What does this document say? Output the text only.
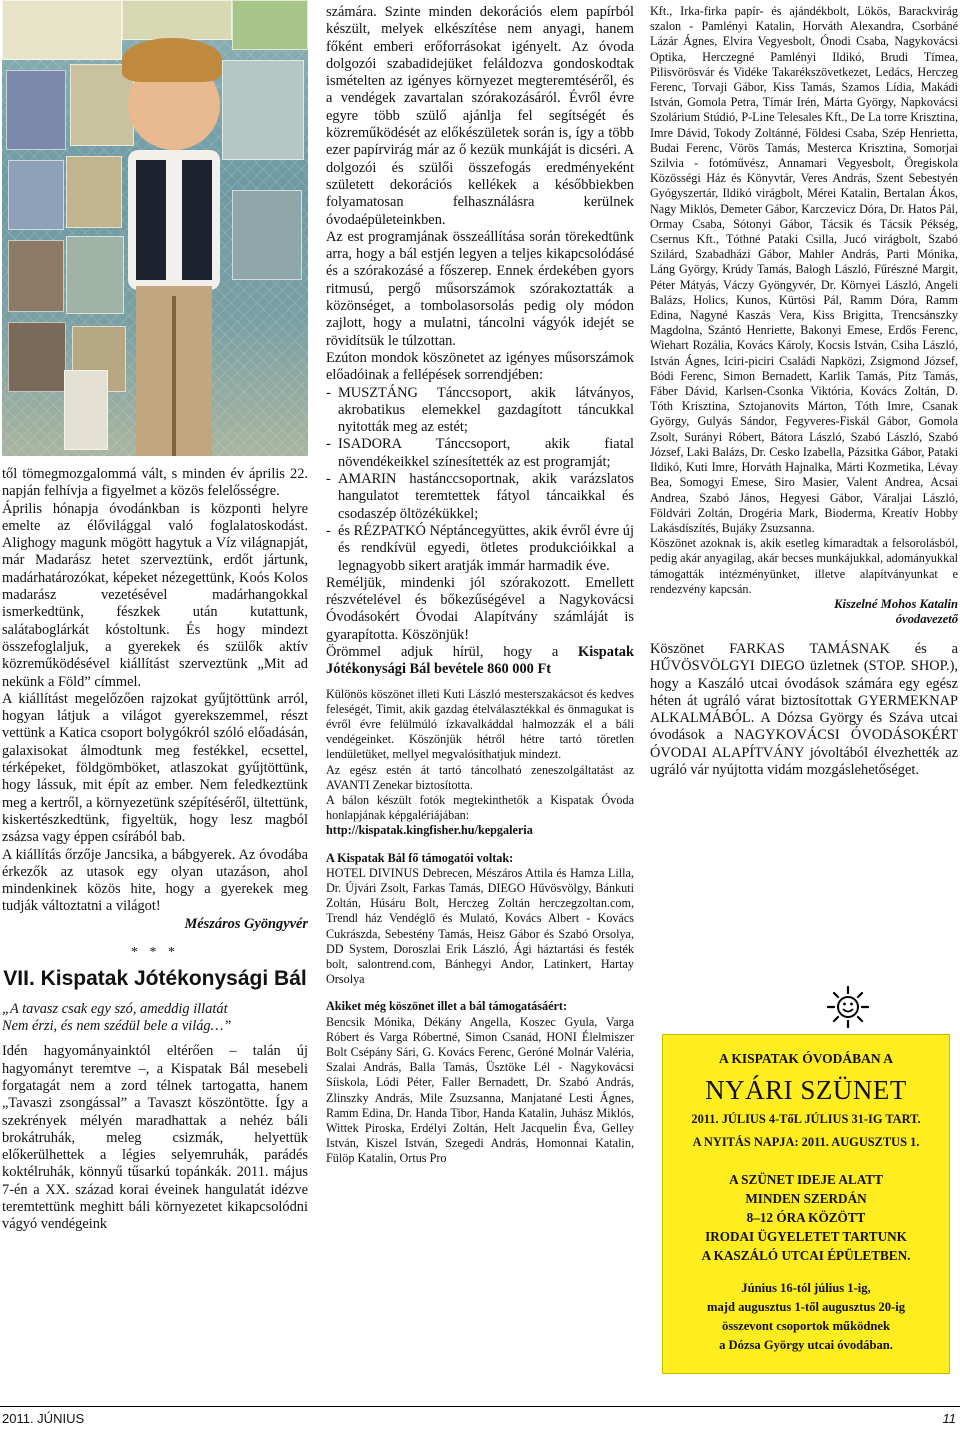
től tömegmozgalommá vált, s minden év április 22. napján felhívja a figyelmet a közös felelősségre.

Április hónapja óvodánkban is központi helyre emelte az élővilággal való foglalatoskodást. Alighogy magunk mögött hagytuk a Víz világnapját, már Madarász hetet szerveztünk, erdőt jártunk, madárhatározókat, képeket nézegettünk, Koós Kolos madarász vezetésével madárhangokkal ismerkedtünk, fészkek után kutattunk, salátaboglárkát kóstoltunk. És hogy mindezt összefoglaljuk, a gyerekek és szülők aktív közreműködésével kiállítást szerveztünk „Mit ad nekünk a Föld” címmel.

A kiállítást megelőzően rajzokat gyűjtöttünk arról, hogyan látjuk a világot gyerekszemmel, részt vettünk a Katica csoport bolygókról szóló előadásán, galaxisokat álmodtunk meg festékkel, ecsettel, térképeket, földgömböket, atlaszokat gyűjtöttünk, hogy lássuk, mit épít az ember. Nem feledkeztünk meg a kertről, a környezetünk szépítéséről, ültettünk, kiskertészkedtünk, figyeltük, hogy lesz magból zsázsa vagy éppen csírából bab.

A kiállítás őrzője Jancsika, a bábgyerek. Az óvodába érkezők az utasok egy olyan utazáson, ahol mindenkinek közös hite, hogy a gyerekek meg tudják változtatni a világot!

Mészáros Gyöngyvér
* * *
VII. Kispatak Jótékonysági Bál

„A tavasz csak egy szó, ameddig illatát

Nem érzi, és nem szédül bele a világ…”

Idén hagyományainktól eltérően – talán új hagyományt teremtve –, a Kispatak Bál mesebeli forgatagát nem a zord télnek tartogatta, hanem „Tavaszi zsongással” a Tavaszt köszöntötte. Így a szekrények mélyén maradhattak a nehéz báli brokátruhák, meleg csizmák, helyettük előkerülhettek a légies selyemruhák, parádés koktélruhák, könnyű tűsarkú topánkák. 2011. május 7-én a XX. század korai éveinek hangulatát idézve teremtettünk meghitt báli környezetet kikapcsolódni vágyó vendégeink

számára. Szinte minden dekorációs elem papírból készült, melyek elkészítése nem anyagi, hanem főként emberi erőforrásokat igényelt. Az óvoda dolgozói szabadidejüket feláldozva gondoskodtak ismételten az igényes környezet megteremtéséről, és a vendégek zavartalan szórakozásáról. Évről évre egyre több szülő ajánlja fel segítségét és közreműködését az előkészületek során is, így a több ezer papírvirág már az ő kezük munkáját is dicséri. A dolgozói és szülői összefogás eredményeként született dekorációs kellékek a későbbiekben folyamatosan felhasználásra kerülnek óvodaépületeinkben.

Az est programjának összeállítása során törekedtünk arra, hogy a bál estjén legyen a teljes kikapcsolódásé és a szórakozásé a főszerep. Ennek érdekében gyors ritmusú, pergő műsorszámok szórakoztatták a közönséget, a tombolasorsolás pedig oly módon zajlott, hogy a mulatni, táncolni vágyók idejét se rövidítsük le túlzottan.

Ezúton mondok köszönetet az igényes műsorszámok előadóinak a fellépések sorrendjében:

- MUSZTÁNG Tánccsoport, akik látványos, akrobatikus elemekkel gazdagított táncukkal nyitották meg az estét;
- ISADORA Tánccsoport, akik fiatal növendékeikkel színesítették az est programját;
- AMARIN hastánccsoportnak, akik varázslatos hangulatot teremtettek fátyol táncaikkal és csodaszép öltözékükkel;
- és RÉZPATKÓ Néptáncegyüttes, akik évről évre új és rendkívül egyedi, ötletes produkcióikkal a legnagyobb sikert aratják immár harmadik éve.

Reméljük, mindenki jól szórakozott. Emellett részvételével és bőkezűségével a Nagykovácsi Óvodásokért Óvodai Alapítvány számláját is gyarapította. Köszönjük!

Örömmel adjuk hírül, hogy a Kispatak Jótékonysági Bál bevétele 860 000 Ft

Különös köszönet illeti Kuti László mesterszakácsot és kedves feleségét, Timit, akik gazdag ételválasztékkal és önmagukat is évről évre felülmúló ízkavalkáddal halmozzák el a báli vendégeinket. Köszönjük hétről hétre tartó töretlen lendületüket, mellyel megvalósíthatjuk mindezt.

Az egész estén át tartó táncolható zeneszolgáltatást az AVANTI Zenekar biztosította.

A bálon készült fotók megtekinthetők a Kispatak Óvoda honlapjának képgalériájában:

http://kispatak.kingfisher.hu/kepgaleria

A Kispatak Bál fő támogatói voltak:

HOTEL DIVINUS Debrecen, Mészáros Attila és Hamza Lilla, Dr. Újvári Zsolt, Farkas Tamás, DIEGO Hűvösvölgy, Bánkuti Zoltán, Húsáru Bolt, Herczeg Zoltán herczegzoltan.com, Trendl ház Vendéglő és Mulató, Kovács Albert - Kovács Cukrászda, Sebestény Tamás, Heisz Gábor és Szabó Orsolya, DD System, Doroszlai Erik László, Ági háztartási és festék bolt, salontrend.com, Bánhegyi Andor, Latinkert, Hartay Orsolya

Akiket még köszönet illet a bál támogatásáért:

Bencsik Mónika, Dékány Angella, Koszec Gyula, Varga Róbert és Varga Róbertné, Simon Csanád, HONI Élelmiszer Bolt Csépány Sári, G. Kovács Ferenc, Geróné Molnár Valéria, Szalai András, Balla Tamás, Üsztöke Lél - Nagykovácsi Síiskola, Lódi Péter, Faller Bernadett, Dr. Szabó András, Zlinszky András, Mile Zsuzsanna, Manjatané Lesti Ágnes, Ramm Edina, Dr. Handa Tibor, Handa Katalin, Juhász Miklós, Wittek Piroska, Erdélyi Zoltán, Helt Jacquelin Éva, Gelley István, Kiszel István, Szegedi András, Homonnai Katalin, Fülöp Katalin, Ortus Pro

Kft., Irka-firka papír- és ajándékbolt, Lökös, Barackvirág szalon - Pamlényi Katalin, Horváth Alexandra, Csorbáné Lázár Ágnes, Elvira Vegyesbolt, Ónodi Csaba, Nagykovácsi Optika, Herczegné Pamlényi Ildikó, Brudi Tímea, Pilisvörösvár és Vidéke Takarékszövetkezet, Ledács, Herczeg Ferenc, Torvaji Gábor, Kiss Tamás, Szamos Lídia, Makádi István, Gomola Petra, Tímár Irén, Márta György, Napkovácsi Szolárium Stúdió, P-Line Telesales Kft., De La torre Krisztina, Imre Dávid, Tokody Zoltánné, Földesi Csaba, Szép Henrietta, Budai Ferenc, Vörös Tamás, Mesterca Krisztina, Somorjai Szilvia - fotóművész, Annamari Vegyesbolt, Öregiskola Közösségi Ház és Könyvtár, Veres András, Szent Sebestyén Gyógyszertár, Ildikó virágbolt, Mérei Katalin, Bertalan Ákos, Nagy Miklós, Demeter Gábor, Karczevicz Dóra, Dr. Hatos Pál, Ormay Csaba, Sótonyi Gábor, Tácsik és Tácsik Pékség, Csernus Kft., Tóthné Pataki Csilla, Jucó virágbolt, Szabó Szilárd, Szabadházi Gábor, Mahler András, Parti Mónika, Láng György, Krúdy Tamás, Balogh László, Fűrészné Margit, Péter Mátyás, Váczy Gyöngyvér, Dr. Környei László, Angeli Balázs, Holics, Kunos, Kürtösi Pál, Ramm Dóra, Ramm Edina, Nagyné Kaszás Vera, Kiss Brigitta, Trencsánszky Magdolna, Szántó Henriette, Bakonyi Emese, Erdős Ferenc, Wiehart Rozália, Kovács Károly, Kocsis István, Csiha László, István Ágnes, Iciri-piciri Családi Napközi, Zsigmond József, Bódi Ferenc, Simon Bernadett, Karlik Tamás, Pitz Tamás, Fáber Dávid, Karlsen-Csonka Viktória, Kovács Zoltán, D. Tóth Krisztina, Sztojanovits Márton, Tóth Imre, Csanak György, Gulyás Sándor, Fegyveres-Fiskál Gábor, Gomola Zsolt, Surányi Róbert, Bátora László, Szabó László, Szabó József, Laki Balázs, Dr. Cesko Izabella, Pázsitka Gábor, Pataki Ildikó, Kuti Imre, Horváth Hajnalka, Márti Kozmetika, Lévay Bea, Somogyi Emese, Siro Masier, Valent Andrea, Acsai Andrea, Szabó János, Hegyesi Gábor, Váraljai László, Földvári Zoltán, Drogéria Mark, Bioderma, Kreatív Hobby Lakásdíszítés, Bujáky Zsuzsanna.

Köszönet azoknak is, akik esetleg kimaradtak a felsorolásból, pedig akár anyagilag, akár becses munkájukkal, adományukkal támogatták intézményünket, illetve alapítványunkat e rendezvény kapcsán.

Kiszelné Mohos Katalin
óvodavezető

Köszönet FARKAS TAMÁSNAK és a HŰVÖSVÖLGYI DIEGO üzletnek (STOP. SHOP.), hogy a Kaszáló utcai óvodások számára egy egész héten át ugráló várat biztosítottak GYERMEKNAP ALKALMÁBÓL. A Dózsa György és Száva utcai óvodások a NAGYKOVÁCSI ÓVODÁSOKÉRT ÓVODAI ALAPÍTVÁNY jóvoltából élvezhették az ugráló vár nyújtotta vidám mozgáslehetőséget.

A KISPATAK ÓVODÁBAN A
NYÁRI SZÜNET
2011. JÚLIUS 4-TőL JÚLIUS 31-IG TART.
A NYITÁS NAPJA: 2011. AUGUSZTUS 1.
A SZÜNET IDEJE ALATT
MINDEN SZERDÁN
8–12 ÓRA KÖZÖTT
IRODAI ÜGYELETET TARTUNK
A KASZÁLÓ UTCAI ÉPÜLETBEN.
Június 16-tól július 1-ig,
majd augusztus 1-től augusztus 20-ig
összevont csoportok működnek
a Dózsa György utcai óvodában.
2011. JÚNIUS	11
